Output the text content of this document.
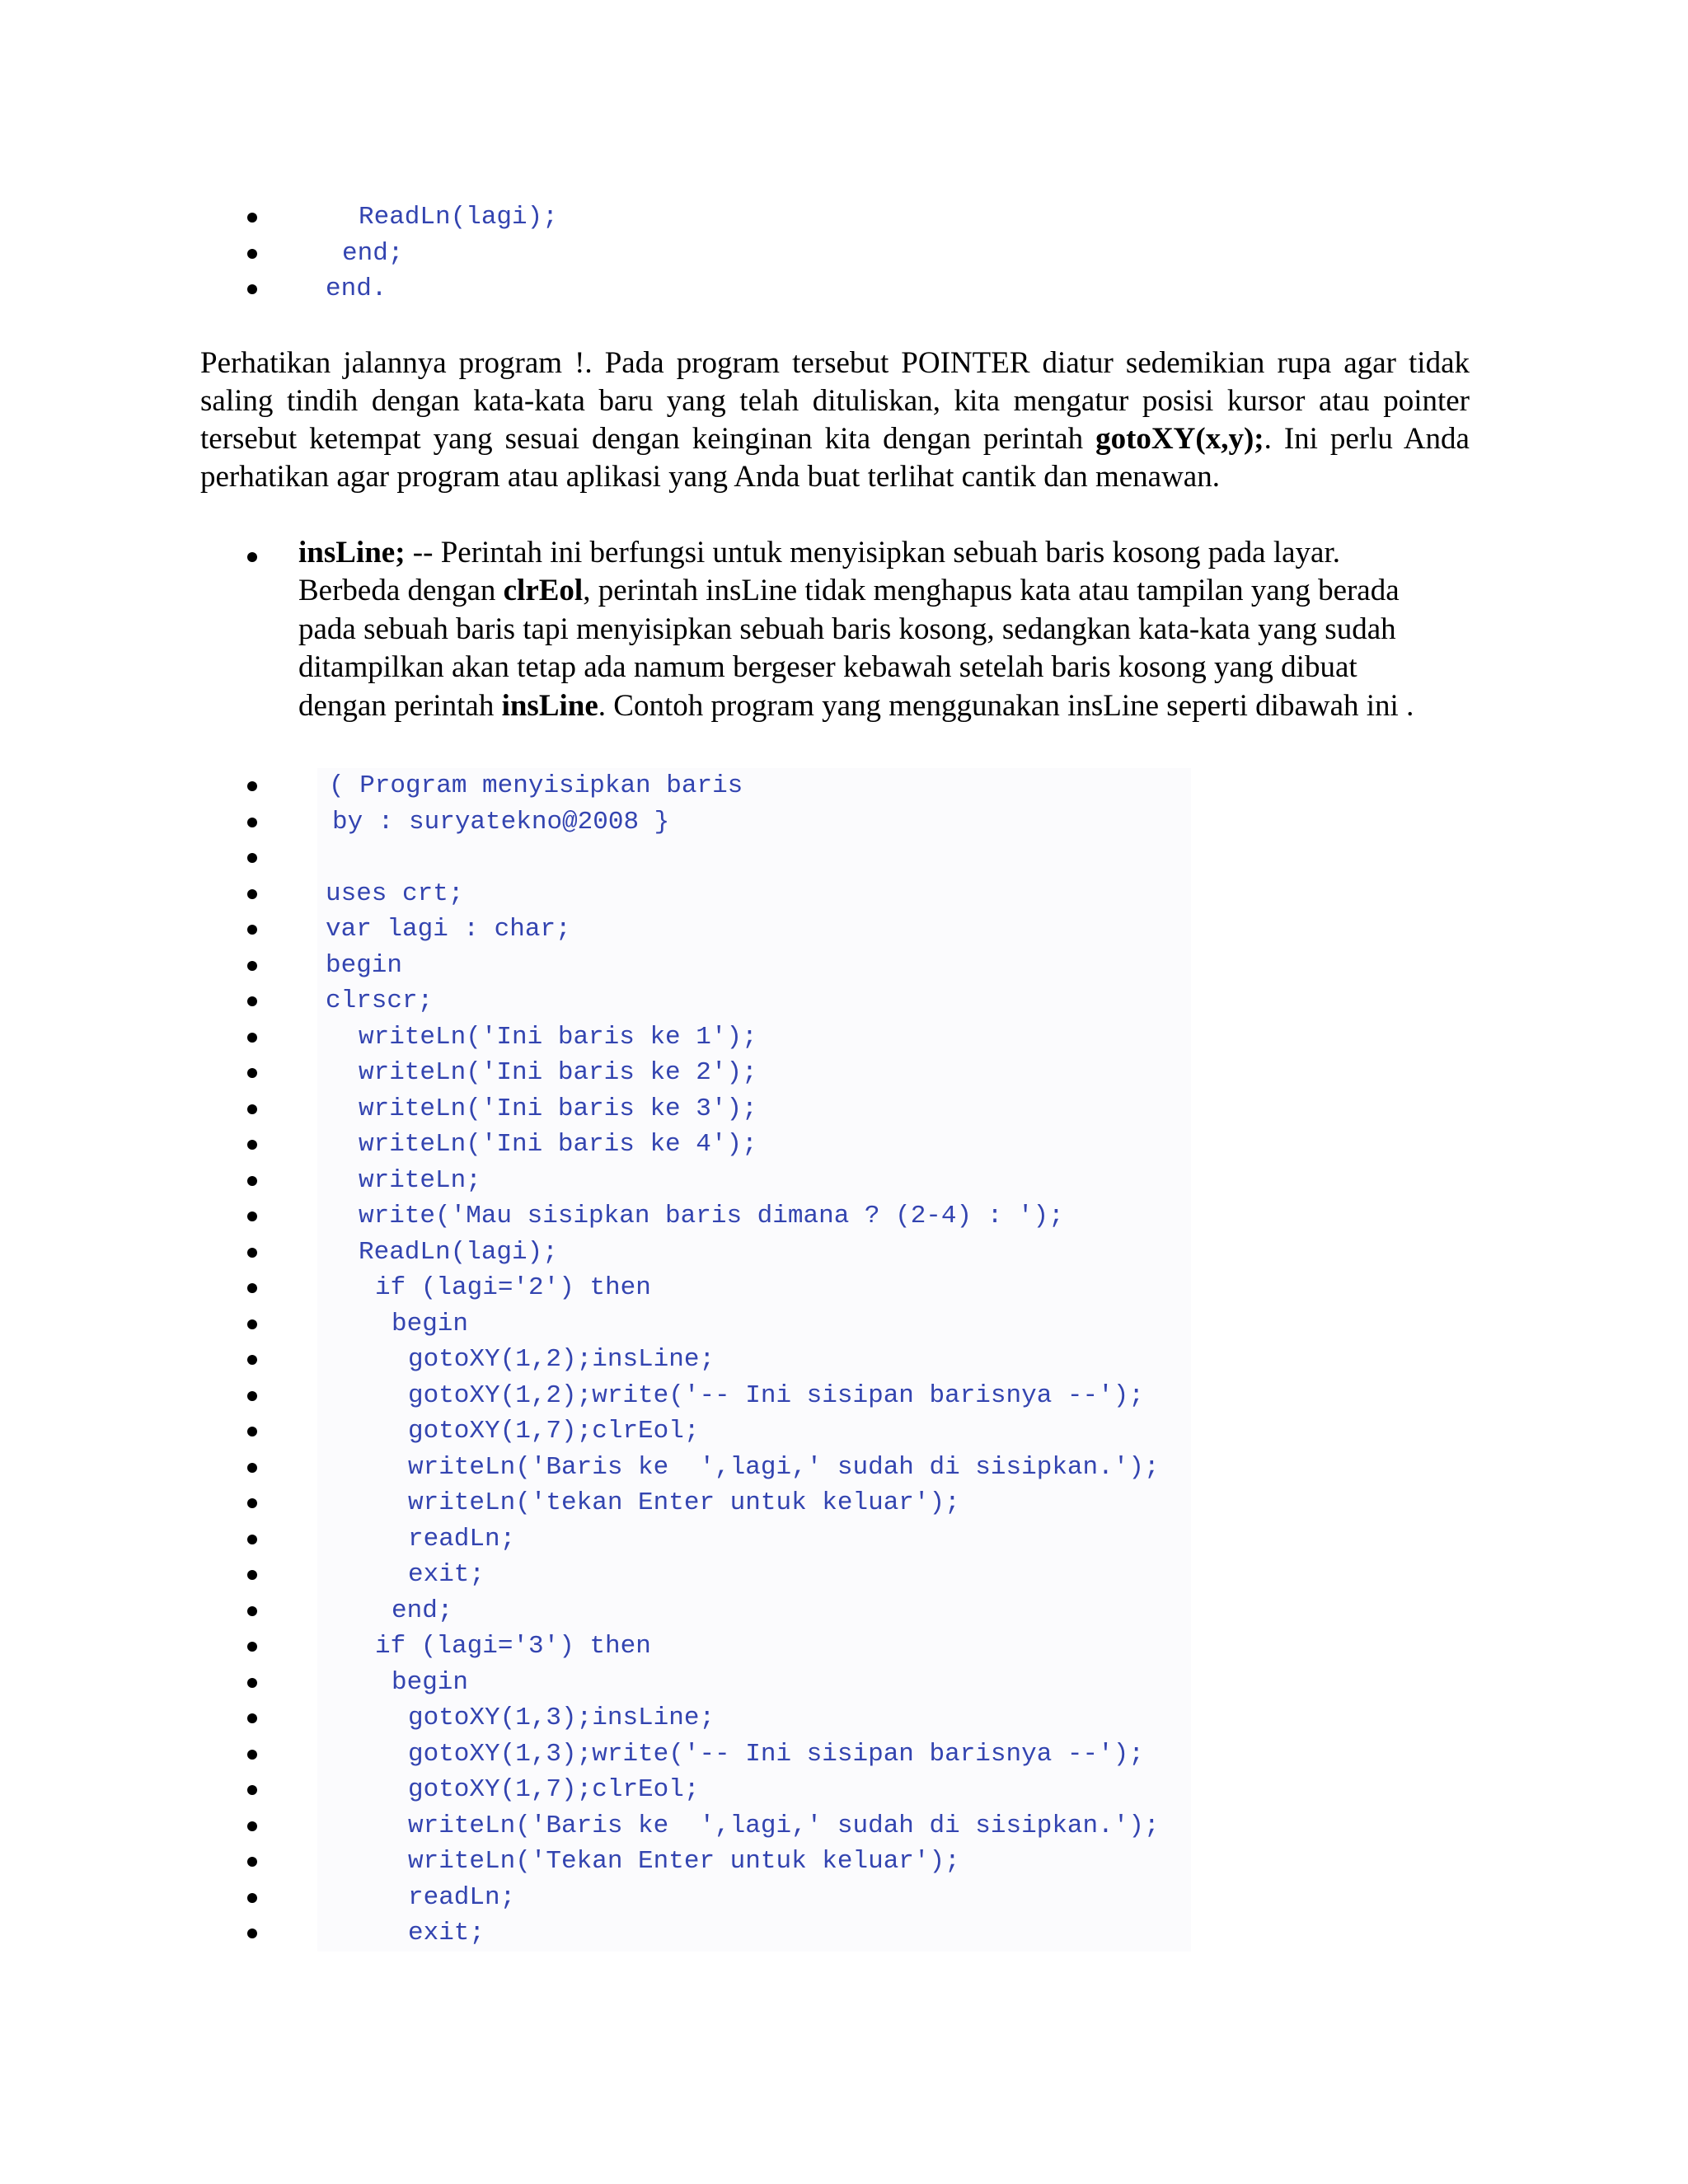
ReadLn(lagi);
end;
end.
Perhatikan jalannya program !. Pada program tersebut POINTER diatur sedemikian rupa agar tidak saling tindih dengan kata-kata baru yang telah dituliskan, kita mengatur posisi kursor atau pointer tersebut ketempat yang sesuai dengan keinginan kita dengan perintah gotoXY(x,y);. Ini perlu Anda perhatikan agar program atau aplikasi yang Anda buat terlihat cantik dan menawan.
insLine; -- Perintah ini berfungsi untuk menyisipkan sebuah baris kosong pada layar. Berbeda dengan clrEol, perintah insLine tidak menghapus kata atau tampilan yang berada pada sebuah baris tapi menyisipkan sebuah baris kosong, sedangkan kata-kata yang sudah ditampilkan akan tetap ada namum bergeser kebawah setelah baris kosong yang dibuat dengan perintah insLine. Contoh program yang menggunakan insLine seperti dibawah ini .
( Program menyisipkan baris
by : suryatekno@2008 }
uses crt;
var lagi : char;
begin
clrscr;
writeLn('Ini baris ke 1');
writeLn('Ini baris ke 2');
writeLn('Ini baris ke 3');
writeLn('Ini baris ke 4');
writeLn;
write('Mau sisipkan baris dimana ? (2-4) : ');
ReadLn(lagi);
if (lagi='2') then
begin
gotoXY(1,2);insLine;
gotoXY(1,2);write('-- Ini sisipan barisnya --');
gotoXY(1,7);clrEol;
writeLn('Baris ke  ',lagi,' sudah di sisipkan.');
writeLn('tekan Enter untuk keluar');
readLn;
exit;
end;
if (lagi='3') then
begin
gotoXY(1,3);insLine;
gotoXY(1,3);write('-- Ini sisipan barisnya --');
gotoXY(1,7);clrEol;
writeLn('Baris ke  ',lagi,' sudah di sisipkan.');
writeLn('Tekan Enter untuk keluar');
readLn;
exit;
